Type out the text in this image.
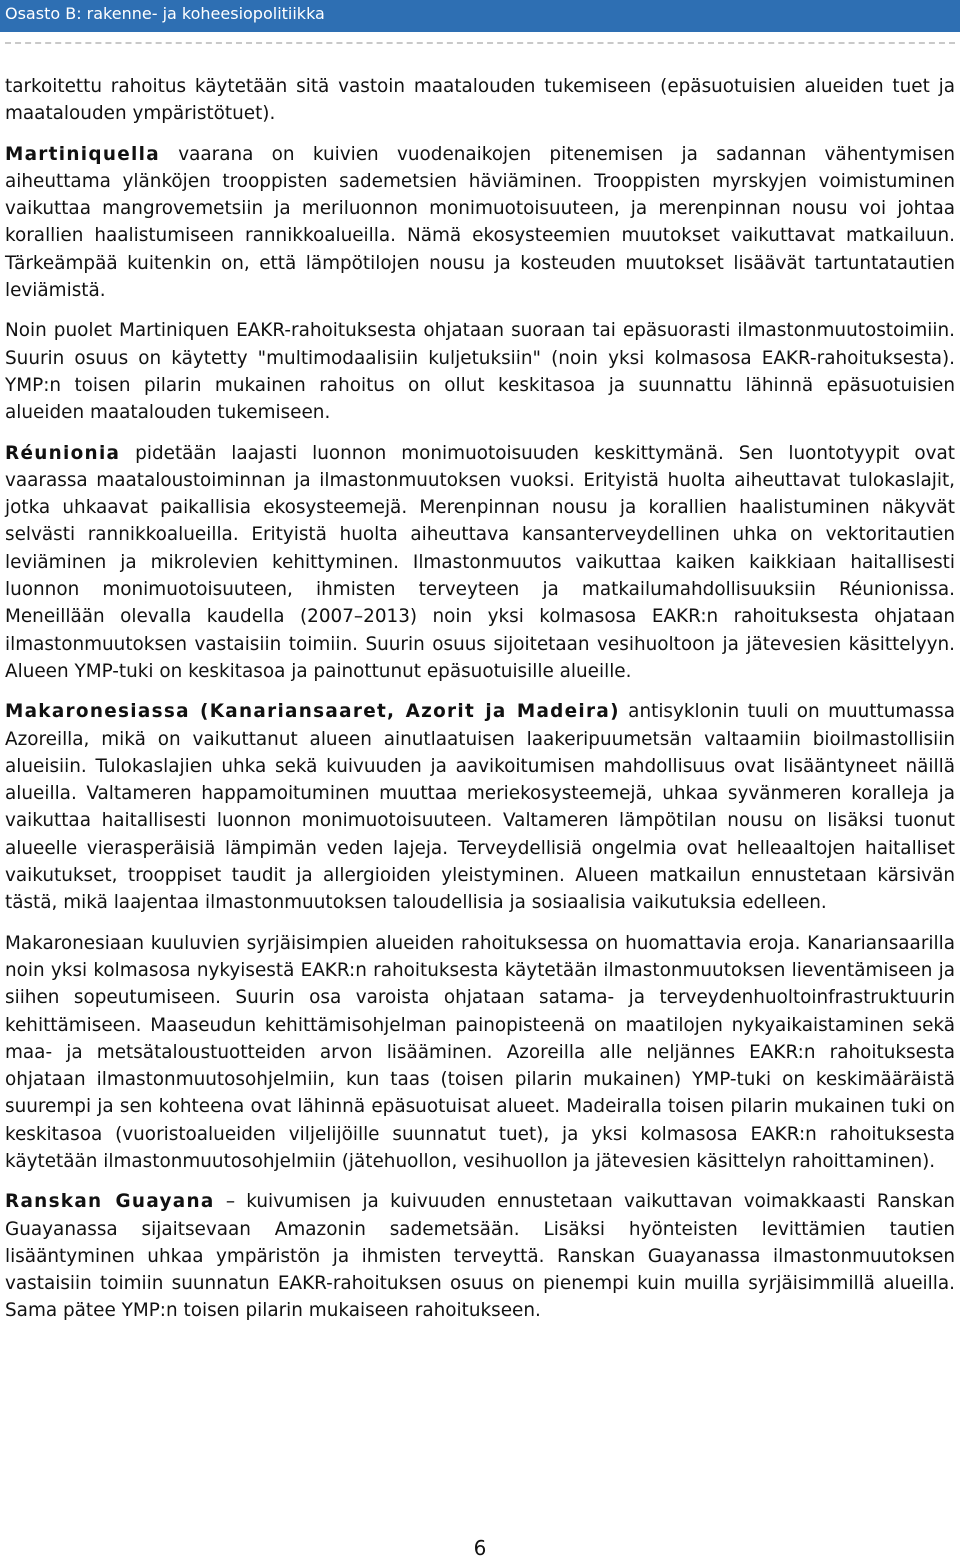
Osasto B: rakenne- ja koheesiopolitiikka

tarkoitettu rahoitus käytetään sitä vastoin maatalouden tukemiseen (epäsuotuisien alueiden tuet ja maatalouden ympäristötuet).

Martiniquella vaarana on kuivien vuodenaikojen pitenemisen ja sadannan vähentymisen aiheuttama ylänköjen trooppisten sademetsien häviäminen. Trooppisten myrskyjen voimistuminen vaikuttaa mangrovemetsiin ja meriluonnon monimuotoisuuteen, ja merenpinnan nousu voi johtaa korallien haalistumiseen rannikkoalueilla. Nämä ekosysteemien muutokset vaikuttavat matkailuun. Tärkeämpää kuitenkin on, että lämpötilojen nousu ja kosteuden muutokset lisäävät tartuntatautien leviämistä.

Noin puolet Martiniquen EAKR-rahoituksesta ohjataan suoraan tai epäsuorasti ilmastonmuutostoimiin. Suurin osuus on käytetty "multimodaalisiin kuljetuksiin" (noin yksi kolmasosa EAKR-rahoituksesta). YMP:n toisen pilarin mukainen rahoitus on ollut keskitasoa ja suunnattu lähinnä epäsuotuisien alueiden maatalouden tukemiseen.

Réunionia pidetään laajasti luonnon monimuotoisuuden keskittymänä. Sen luontotyypit ovat vaarassa maataloustoiminnan ja ilmastonmuutoksen vuoksi. Erityistä huolta aiheuttavat tulokaslajit, jotka uhkaavat paikallisia ekosysteemejä. Merenpinnan nousu ja korallien haalistuminen näkyvät selvästi rannikkoalueilla. Erityistä huolta aiheuttava kansanterveydellinen uhka on vektoritautien leviäminen ja mikrolevien kehittyminen. Ilmastonmuutos vaikuttaa kaiken kaikkiaan haitallisesti luonnon monimuotoisuuteen, ihmisten terveyteen ja matkailumahdollisuuksiin Réunionissa. Meneillään olevalla kaudella (2007–2013) noin yksi kolmasosa EAKR:n rahoituksesta ohjataan ilmastonmuutoksen vastaisiin toimiin. Suurin osuus sijoitetaan vesihuoltoon ja jätevesien käsittelyyn. Alueen YMP-tuki on keskitasoa ja painottunut epäsuotuisille alueille.

Makaronesiassa (Kanariansaaret, Azorit ja Madeira) antisyklonin tuuli on muuttumassa Azoreilla, mikä on vaikuttanut alueen ainutlaatuisen laakeripuumetsän valtaamiin bioilmastollisiin alueisiin. Tulokaslajien uhka sekä kuivuuden ja aavikoitumisen mahdollisuus ovat lisääntyneet näillä alueilla. Valtameren happamoituminen muuttaa meriekosysteemejä, uhkaa syvänmeren koralleja ja vaikuttaa haitallisesti luonnon monimuotoisuuteen. Valtameren lämpötilan nousu on lisäksi tuonut alueelle vierasperäisiä lämpimän veden lajeja. Terveydellisiä ongelmia ovat helleaaltojen haitalliset vaikutukset, trooppiset taudit ja allergioiden yleistyminen. Alueen matkailun ennustetaan kärsivän tästä, mikä laajentaa ilmastonmuutoksen taloudellisia ja sosiaalisia vaikutuksia edelleen.

Makaronesiaan kuuluvien syrjäisimpien alueiden rahoituksessa on huomattavia eroja. Kanariansaarilla noin yksi kolmasosa nykyisestä EAKR:n rahoituksesta käytetään ilmastonmuutoksen lieventämiseen ja siihen sopeutumiseen. Suurin osa varoista ohjataan satama- ja terveydenhuoltoinfrastruktuurin kehittämiseen. Maaseudun kehittämisohjelman painopisteenä on maatilojen nykyaikaistaminen sekä maa- ja metsätaloustuotteiden arvon lisääminen. Azoreilla alle neljännes EAKR:n rahoituksesta ohjataan ilmastonmuutosohjelmiin, kun taas (toisen pilarin mukainen) YMP-tuki on keskimääräistä suurempi ja sen kohteena ovat lähinnä epäsuotuisat alueet. Madeiralla toisen pilarin mukainen tuki on keskitasoa (vuoristoalueiden viljelijöille suunnatut tuet), ja yksi kolmasosa EAKR:n rahoituksesta käytetään ilmastonmuutosohjelmiin (jätehuollon, vesihuollon ja jätevesien käsittelyn rahoittaminen).

Ranskan Guayana – kuivumisen ja kuivuuden ennustetaan vaikuttavan voimakkaasti Ranskan Guayanassa sijaitsevaan Amazonin sademetsään. Lisäksi hyönteisten levittämien tautien lisääntyminen uhkaa ympäristön ja ihmisten terveyttä. Ranskan Guayanassa ilmastonmuutoksen vastaisiin toimiin suunnatun EAKR-rahoituksen osuus on pienempi kuin muilla syrjäisimmillä alueilla. Sama pätee YMP:n toisen pilarin mukaiseen rahoitukseen.

6
